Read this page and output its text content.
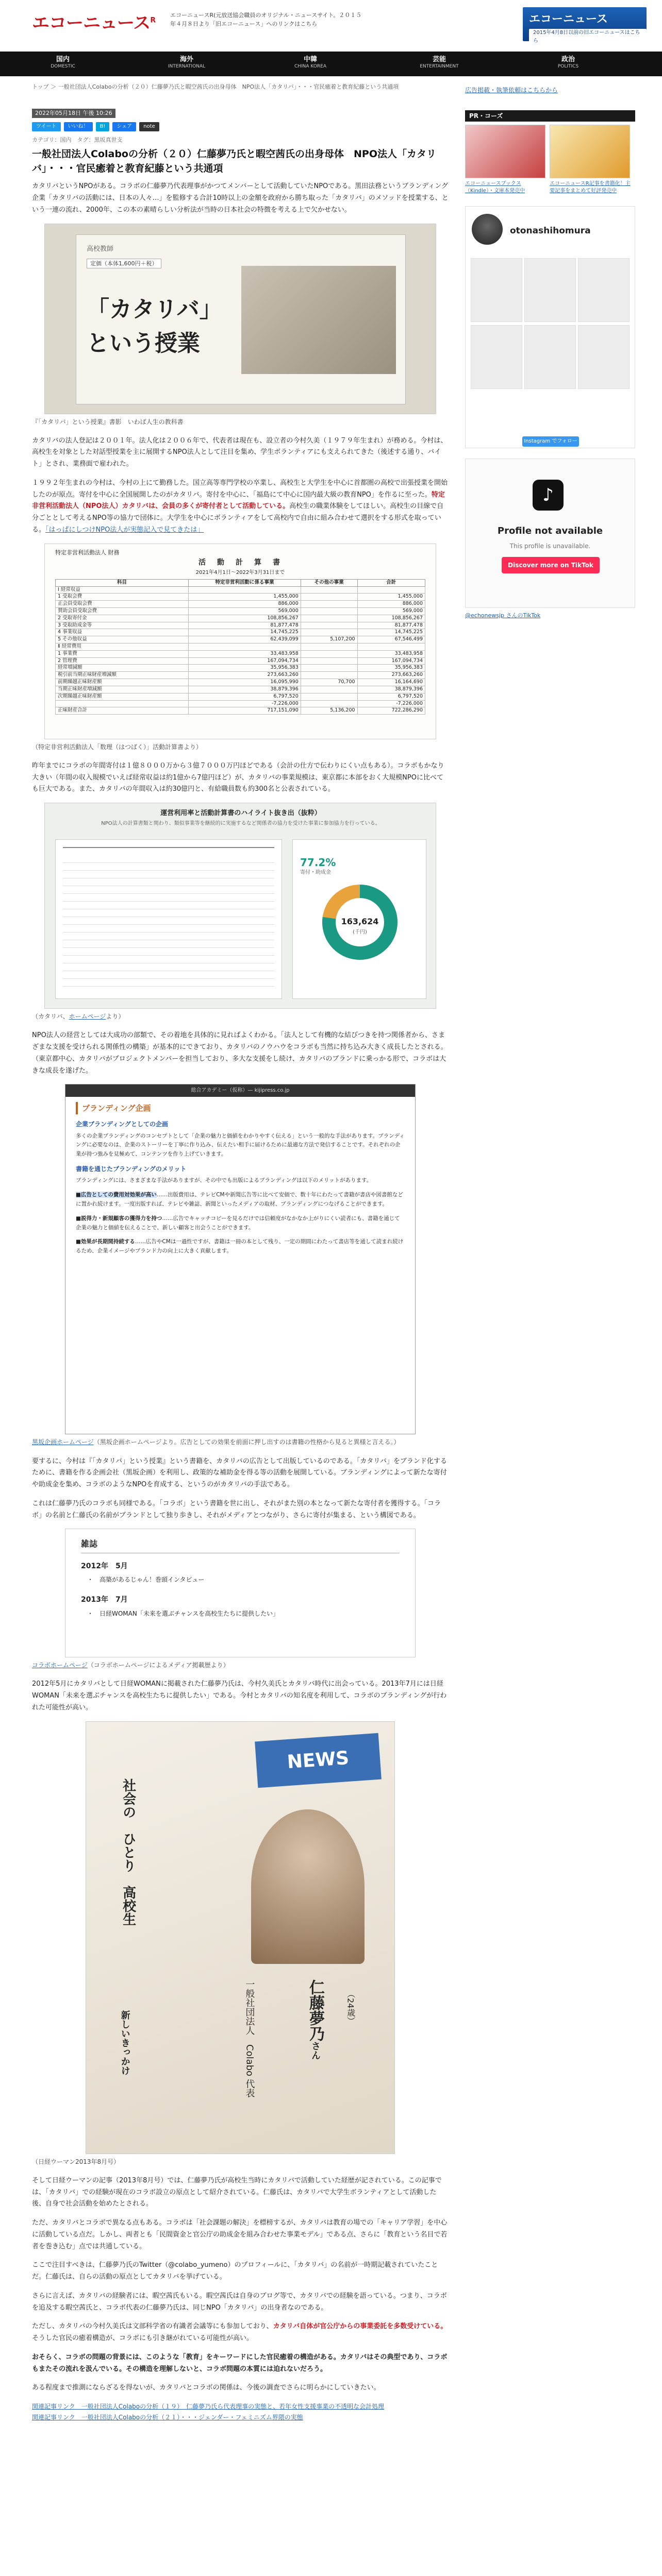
エコーニュース$^R$
エコーニュースR(元放送協会職員のオリジナル・ニュースサイト。２０１５年４月８日より「旧エコーニュース」へのリンクはこちら	エコーニュース
2015年4月8日以前の旧エコーニュースはこちら
国内
DOMESTIC
海外
INTERNATIONAL
中韓
CHINA KOREA
芸能
ENTERTAINMENT
政治
POLITICS
トップ ＞ 一般社団法人Colaboの分析（２０）仁藤夢乃氏と暇空茜氏の出身母体　NPO法人「カタリバ」・・・官民癒着と教育紀藤という共通項	広告掲載・執筆依頼はこちらから
2022年05月18日 午後 10:26
ツイート	いいね！	B!	シェア	note
カテゴリ：国内　タグ：黒坂真世支
一般社団法人Colaboの分析（２０）仁藤夢乃氏と暇空茜氏の出身母体　NPO法人「カタリバ」・・・官民癒着と教育紀藤という共通項

カタリバというNPOがある。コラボの仁藤夢乃代表理事がかつてメンバーとして活動していたNPOである。黒田法務というブランディング企業「カタリバの活動には、日本の人々…」を監修する合計10時以上の金額を政府から勝ち取った「カタリバ」のメソッドを授業する、という一連の流れ、2000年、この本の素晴らしい分析法が当時の日本社会の特徴を考える上で欠かせない。

高校教師
定価（本体1,600円＋税）
「カタリバ」
という授業
『「カタリバ」という授業』書影　いわば人生の教科書

カタリバの法人登記は２００１年。法人化は２００６年で、代表者は現在も、設立者の今村久美（１９７９年生まれ）が務める。今村は、高校生を対象とした対話型授業を主に展開するNPO法人として注目を集め、学生ボランティアにも支えられてきた（後述する通り、バイト」とされ、業務面で雇われた。

１９９２年生まれの今村は、今村の上にて勤務した。国立高等専門学校の卒業し、高校生と大学生を中心に首都圏の高校で出張授業を開始したのが原点。寄付を中心に全国展開したのがカタリバ。寄付を中心に、「福島にて中心に国内最大級の教育NPO」を作るに至った。特定非営利活動法人（NPO法人）カタリバは、会員の多くが寄付者として活動している。高校生の職業体験をしてほしい。高校生の目線で自分ごととして考えるNPO等の協力で団体に。大学生を中心にボランティアをして高校内で自由に組み合わせて選択をする形式を取っている。「はっぱにしつけNPO法人が実態記入で見てきたは」

特定非営利活動法人 財務
活　動　計　算　書
2021年4月1日〜2022年3月31日まで
科目	特定非営利活動に係る事業	その他の事業	合計
Ⅰ 経常収益			
1 受取会費	1,455,000		1,455,000
正会員受取会費	886,000		886,000
賛助会員受取会費	569,000		569,000
2 受取寄付金	108,856,267		108,856,267
3 受取助成金等	81,877,478		81,877,478
4 事業収益	14,745,225		14,745,225
5 その他収益	62,439,099	5,107,200	67,546,499
Ⅱ 経常費用			
1 事業費	33,483,958		33,483,958
2 管理費	167,094,734		167,094,734
経常増減額	35,956,383		35,956,383
税引前当期正味財産増減額	273,663,260		273,663,260
前期繰越正味財産額	16,095,990	70,700	16,164,690
当期正味財産増減額	38,879,396		38,879,396
次期繰越正味財産額	6,797,520		6,797,520
	-7,226,000		-7,226,000
正味財産合計	717,151,090	5,136,200	722,286,290
（特定非営利活動法人「数理（はつばく）」活動計算書より）

昨年までにコラボの年間寄付は１億８０００万から３億７０００万円ほどである（会計の仕方で伝わりにくい点もある）。コラボもかなり大きい（年間の収入規模でいえば経常収益は約1億から7億円ほど）が、カタリバの事業規模は、東京都に本部をおく大規模NPOに比べても巨大である。また、カタリバの年間収入は約30億円と、有給職員数も約300名と公表されている。

運営利用率と活動計算書のハイライト抜き出（抜粋）
NPO法人の計算書類と関わり、類似事業等を継続的に実施するなど関係者の協力を受けた事業に参加協力を行っている。
77.2%
寄付・助成金
163,624
(千円)
（カタリバ、ホームページより）

NPO法人の経営としては大成功の部類で、その着地を具体的に見ればよくわかる。「法人として有機的な結びつきを持つ関係者から、さまざまな支援を受けられる関係性の構築」が基本的にできており、カタリバのノウハウをコラボも当然に持ち込み大きく成長したとされる。（東京都中心、カタリバがプロジェクトメンバーを担当しており、多大な支援をし続け、カタリバのブランドに乗っかる形で、コラボは大きな成長を遂げた。

総合アカデミー（仮称）— kijipress.co.jp
ブランディング企画
企業ブランディングとしての企画
多くの企業ブランディングのコンセプトとして「企業の魅力と価値をわかりやすく伝える」という一般的な手法があります。ブランディングに必要なのは、企業のストーリーを丁寧に作り込み、伝えたい相手に届けるために最適な方法で発信することです。それぞれの企業が持つ強みを見極めて、コンテンツを作り上げていきます。
書籍を通じたブランディングのメリット
ブランディングには、さまざまな手法がありますが、その中でも出版によるブランディングは以下のメリットがあります。
■広告としての費用対効果が高い……出版費用は、テレビCMや新聞広告等に比べて安価で、数十年にわたって書籍が書店や図書館などに置かれ続けます。一度出版すれば、テレビや雑誌、新聞といったメディアの取材、ブランディングにつなげることができます。
■説得力・新規顧客の獲得力を持つ……広告でキャッチコピーを見るだけでは信頼度がなかなか上がりにくい読者にも、書籍を通じて企業の魅力と価値を伝えることで、新しい顧客と出会うことができます。
■効果が長期間持続する……広告やCMは一過性ですが、書籍は一冊の本として残り、一定の期間にわたって書店等を通して読まれ続けるため、企業イメージやブランド力の向上に大きく貢献します。
黒坂企画ホームページ（黒坂企画ホームページより。広告としての効果を前面に押し出すのは書籍の性格から見ると異様と言える。）

要するに、今村は『「カタリバ」という授業』という書籍を、カタリバの広告として出版しているのである。「カタリバ」をブランド化するために、書籍を作る企画会社（黒坂企画）を利用し、政策的な補助金を得る等の活動を展開している。ブランディングによって新たな寄付や助成金を集め、コラボのようなNPOを育成する、というのがカタリバの手法である。

これは仁藤夢乃氏のコラボも同様である。「コラボ」という書籍を世に出し、それがまた別の本となって新たな寄付者を獲得する。「コラボ」の名前と仁藤氏の名前がブランドとして独り歩きし、それがメディアとつながり、さらに寄付が集まる、という構図である。

雑誌
2012年　5月
・　高築があるじゃん！巻頭インタビュー
2013年　7月
・　日経WOMAN「未来を選ぶチャンスを高校生たちに提供したい」
コラボホームページ（コラボホームページによるメディア掲載歴より）

2012年5月にカタリバとして日経WOMANに掲載された仁藤夢乃氏は、今村久美氏とカタリバ時代に出会っている。2013年7月には日経WOMAN「未来を選ぶチャンスを高校生たちに提供したい」である。今村とカタリバの知名度を利用して、コラボのブランディングが行われた可能性が高い。

NEWS
社会の　ひとり　高校生
一般社団法人　Colabo 代表
仁藤夢乃さん
（24歳）
新しいきっかけ
（日経ウーマン2013年8月号）

そして日経ウーマンの記事（2013年8月号）では、仁藤夢乃氏が高校生当時にカタリバで活動していた経歴が記されている。この記事では、「カタリバ」での経験が現在のコラボ設立の原点として紹介されている。仁藤氏は、カタリバで大学生ボランティアとして活動した後、自身で社会活動を始めたとされる。

ただ、カタリバとコラボで異なる点もある。コラボは「社会課題の解決」を標榜するが、カタリバは教育の場での「キャリア学習」を中心に活動している点だ。しかし、両者とも「民間資金と官公庁の助成金を組み合わせた事業モデル」である点、さらに「教育という名目で若者を巻き込む」点では共通している。

ここで注目すべきは、仁藤夢乃氏のTwitter（@colabo_yumeno）のプロフィールに、「カタリバ」の名前が一時期記載されていたことだ。仁藤氏は、自らの活動の原点としてカタリバを挙げている。

さらに言えば、カタリバの経験者には、暇空茜氏もいる。暇空茜氏は自身のブログ等で、カタリバでの経験を語っている。つまり、コラボを追及する暇空茜氏と、コラボ代表の仁藤夢乃氏は、同じNPO「カタリバ」の出身者なのである。

ただし、カタリバの今村久美氏は文部科学省の有識者会議等にも参加しており、カタリバ自体が官公庁からの事業委託を多数受けている。そうした官民の癒着構造が、コラボにも引き継がれている可能性が高い。

おそらく、コラボの問題の背景には、このような「教育」をキーワードにした官民癒着の構造がある。カタリバはその典型であり、コラボもまたその流れを汲んでいる。その構造を理解しないと、コラボ問題の本質には迫れないだろう。

ある程度まで推測にならざるを得ないが、カタリバとコラボの関係は、今後の調査でさらに明らかにしていきたい。

関連記事リンク　一般社団法人Colaboの分析（１９）　仁藤夢乃氏ら代表理事の実態と、若年女性支援事業の不透明な会計処理
関連記事リンク　一般社団法人Colaboの分析（２１）・・・ジェンダー・フェミニズム界隈の実態
PR・コーズ
エコーニュースブックス（Kindle）・文庫本発売中
エコーニュースR記事を書籍化！主要記事をまとめて好評発売中
otonashihomura
Instagram でフォロー
♪
Profile not available
This profile is unavailable.
Discover more on TikTok
@echonewsjp さんのTikTok
